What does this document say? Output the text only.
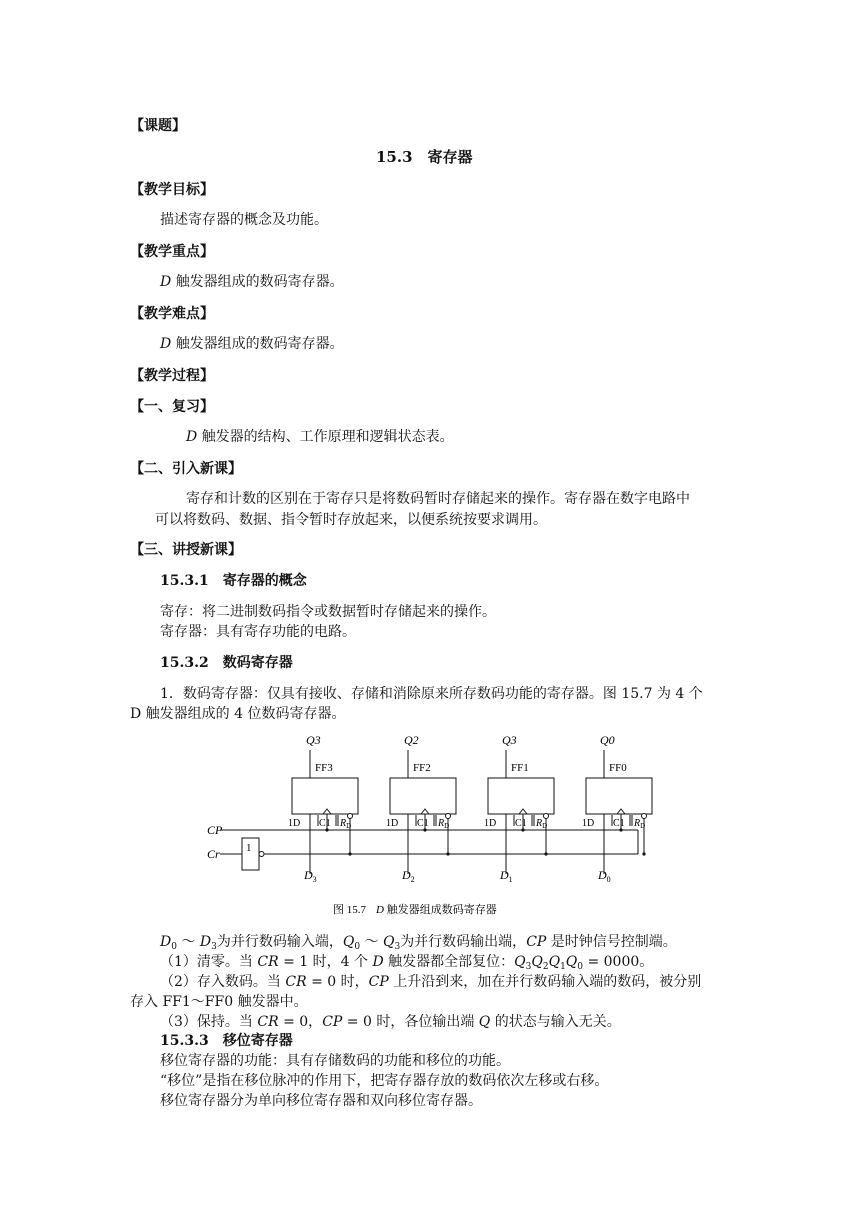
【课题】
15.3　寄存器
【教学目标】
描述寄存器的概念及功能。
【教学重点】
D 触发器组成的数码寄存器。
【教学难点】
D 触发器组成的数码寄存器。
【教学过程】
【一、复习】
D 触发器的结构、工作原理和逻辑状态表。
【二、引入新课】
寄存和计数的区别在于寄存只是将数码暂时存储起来的操作。寄存器在数字电路中
可以将数码、数据、指令暂时存放起来，以便系统按要求调用。
【三、讲授新课】
15.3.1　寄存器的概念
寄存：将二进制数码指令或数据暂时存储起来的操作。
寄存器：具有寄存功能的电路。
15.3.2　数码寄存器
1．数码寄存器：仅具有接收、存储和消除原来所存数码功能的寄存器。图 15.7 为 4 个
D 触发器组成的 4 位数码寄存器。
Q3
FF3
1D C1 $R_D$
$D_3$
Q2
FF2
1D C1 $R_D$
$D_2$
Q3
FF1
1D C1 $R_D$
$D_1$
Q0
FF0
1D C1 $R_D$
$D_0$
CP
Cr 1
图 15.7 D 触发器组成数码寄存器
$D_0$ ～ $D_3$为并行数码输入端，$Q_0$ ～ $Q_3$为并行数码输出端，CP 是时钟信号控制端。
（1）清零。当 CR = 1 时，4 个 D 触发器都全部复位：$Q_3Q_2Q_1Q_0 = 0000$。
（2）存入数码。当 CR = 0 时，CP 上升沿到来，加在并行数码输入端的数码，被分别
存入 FF1～FF0 触发器中。
（3）保持。当 CR = 0，CP = 0 时，各位输出端 Q 的状态与输入无关。
15.3.3　移位寄存器
移位寄存器的功能：具有存储数码的功能和移位的功能。
“移位”是指在移位脉冲的作用下，把寄存器存放的数码依次左移或右移。
移位寄存器分为单向移位寄存器和双向移位寄存器。
